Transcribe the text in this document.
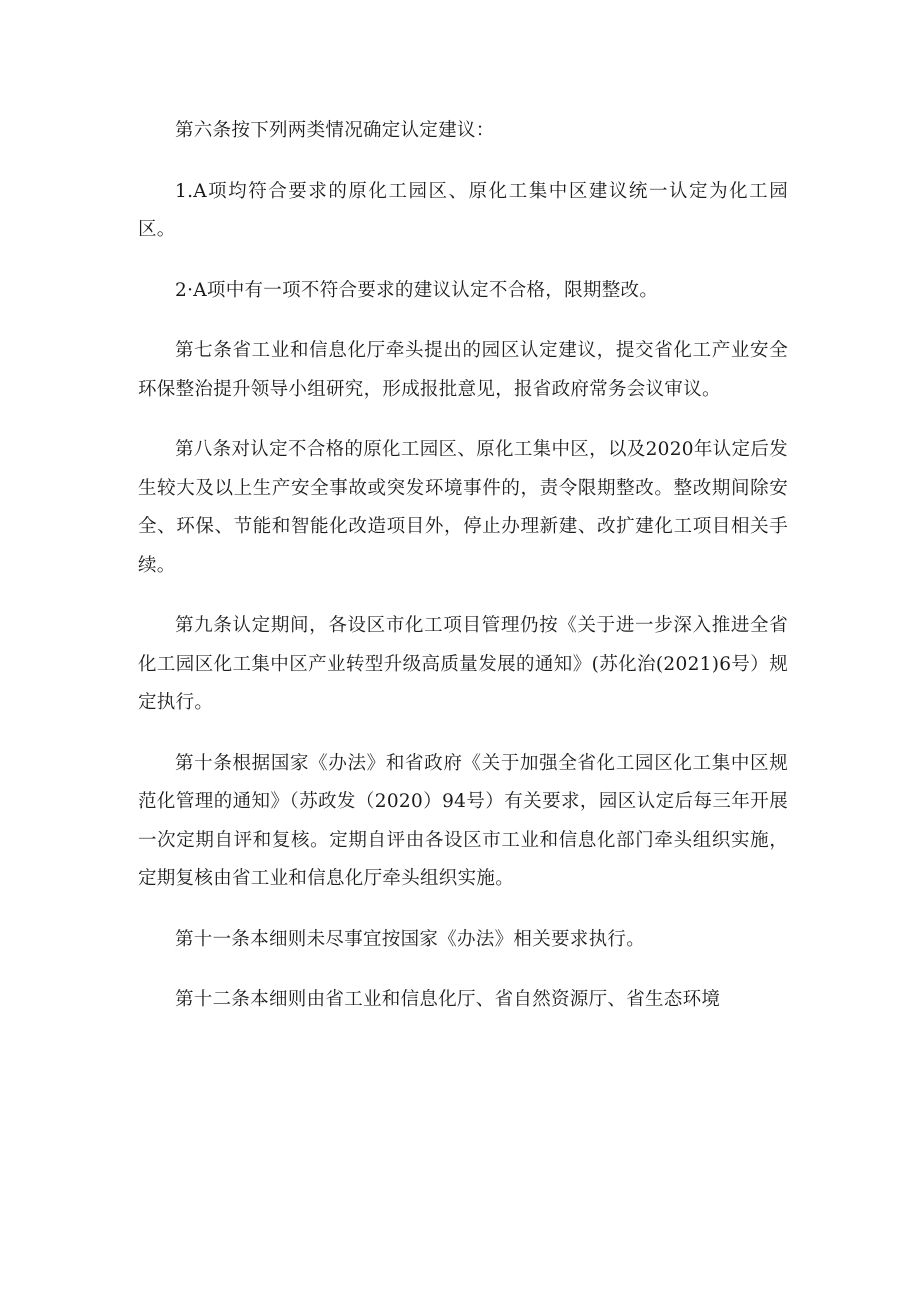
第六条按下列两类情况确定认定建议：

1.A项均符合要求的原化工园区、原化工集中区建议统一认定为化工园区。

2·A项中有一项不符合要求的建议认定不合格，限期整改。

第七条省工业和信息化厅牵头提出的园区认定建议，提交省化工产业安全环保整治提升领导小组研究，形成报批意见，报省政府常务会议审议。

第八条对认定不合格的原化工园区、原化工集中区，以及2020年认定后发生较大及以上生产安全事故或突发环境事件的，责令限期整改。整改期间除安全、环保、节能和智能化改造项目外，停止办理新建、改扩建化工项目相关手续。

第九条认定期间，各设区市化工项目管理仍按《关于进一步深入推进全省化工园区化工集中区产业转型升级高质量发展的通知》(苏化治(2021)6号）规定执行。

第十条根据国家《办法》和省政府《关于加强全省化工园区化工集中区规范化管理的通知》（苏政发（2020）94号）有关要求，园区认定后每三年开展一次定期自评和复核。定期自评由各设区市工业和信息化部门牵头组织实施，定期复核由省工业和信息化厅牵头组织实施。

第十一条本细则未尽事宜按国家《办法》相关要求执行。

第十二条本细则由省工业和信息化厅、省自然资源厅、省生态环境
